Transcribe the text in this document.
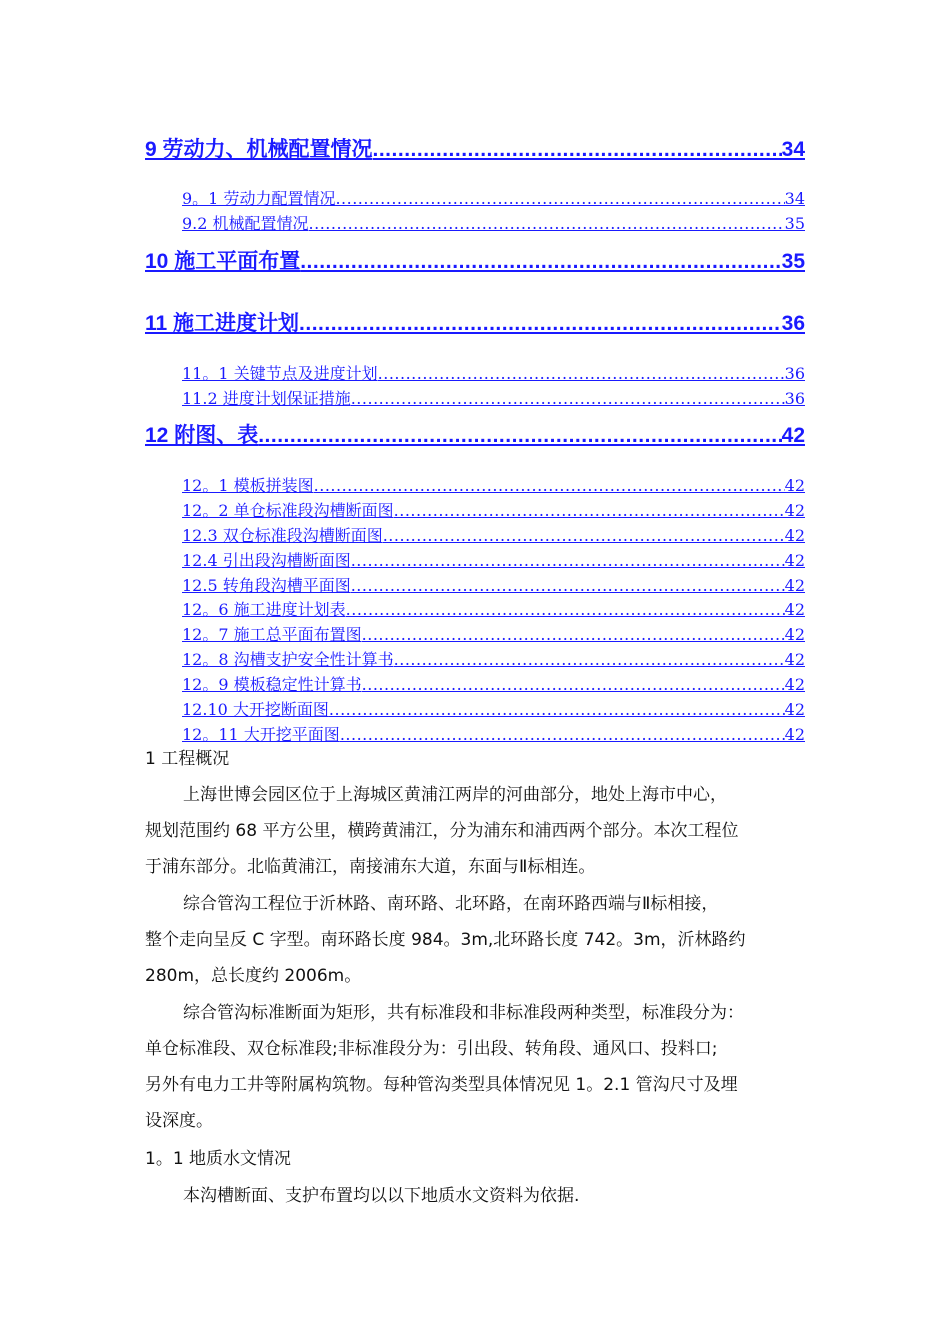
9 劳动力、机械配置情况 .....	34
9。1 劳动力配置情况 .....	34
9.2 机械配置情况 .....	35
10 施工平面布置 .....	35
11 施工进度计划 .....	36
11。1 关键节点及进度计划 .....	36
11.2 进度计划保证措施 .....	36
12 附图、表 .....	42
12。1 模板拼装图 .....	42
12。2 单仓标准段沟槽断面图 .....	42
12.3 双仓标准段沟槽断面图 .....	42
12.4 引出段沟槽断面图 .....	42
12.5 转角段沟槽平面图 .....	42
12。6 施工进度计划表 .....	42
12。7 施工总平面布置图 .....	42
12。8 沟槽支护安全性计算书 .....	42
12。9 模板稳定性计算书 .....	42
12.10 大开挖断面图 .....	42
12。11 大开挖平面图 .....	42
1 工程概况
上海世博会园区位于上海城区黄浦江两岸的河曲部分，地处上海市中心，
规划范围约 68 平方公里，横跨黄浦江，分为浦东和浦西两个部分。本次工程位
于浦东部分。北临黄浦江，南接浦东大道，东面与Ⅱ标相连。
综合管沟工程位于沂林路、南环路、北环路，在南环路西端与Ⅱ标相接，
整个走向呈反 C 字型。南环路长度 984。3m,北环路长度 742。3m，沂林路约
280m，总长度约 2006m。
综合管沟标准断面为矩形，共有标准段和非标准段两种类型，标准段分为：
单仓标准段、双仓标准段;非标准段分为：引出段、转角段、通风口、投料口;
另外有电力工井等附属构筑物。每种管沟类型具体情况见 1。2.1 管沟尺寸及埋
设深度。
1。1 地质水文情况
本沟槽断面、支护布置均以以下地质水文资料为依据.
